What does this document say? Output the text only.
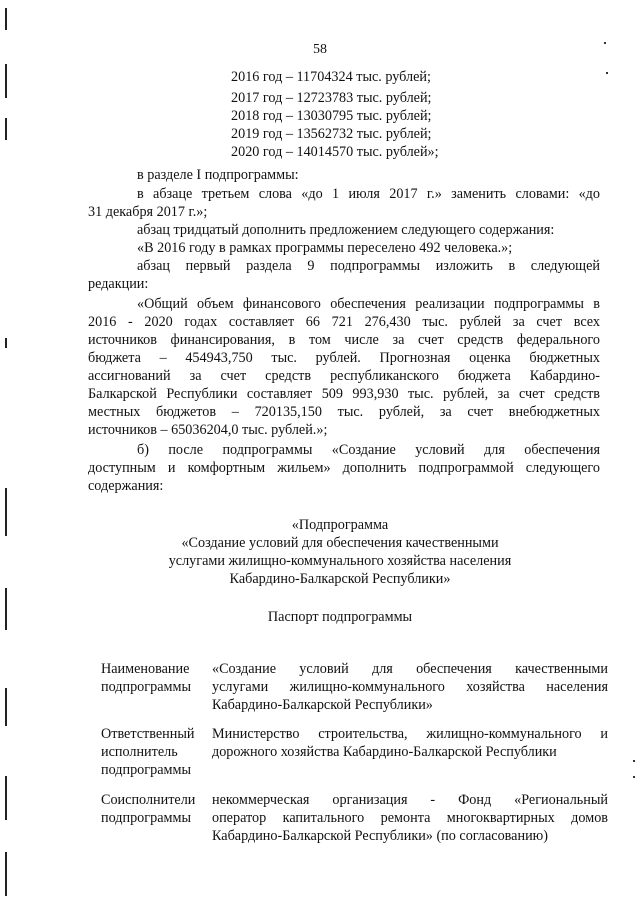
58
2016 год – 11704324 тыс. рублей;
2017 год – 12723783 тыс. рублей;
2018 год – 13030795 тыс. рублей;
2019 год – 13562732 тыс. рублей;
2020 год – 14014570 тыс. рублей»;
в разделе I подпрограммы:
в абзаце третьем слова «до 1 июля 2017 г.» заменить словами: «до
31 декабря 2017 г.»;
абзац тридцатый дополнить предложением следующего содержания:
«В 2016 году в рамках программы переселено 492 человека.»;
абзац первый раздела 9 подпрограммы изложить в следующей
редакции:
«Общий объем финансового обеспечения реализации подпрограммы в
2016 - 2020 годах составляет 66 721 276,430 тыс. рублей за счет всех
источников финансирования, в том числе за счет средств федерального
бюджета – 454943,750 тыс. рублей. Прогнозная оценка бюджетных
ассигнований за счет средств республиканского бюджета Кабардино-
Балкарской Республики составляет 509 993,930 тыс. рублей, за счет средств
местных бюджетов – 720135,150 тыс. рублей, за счет внебюджетных
источников – 65036204,0 тыс. рублей.»;
б) после подпрограммы «Создание условий для обеспечения
доступным и комфортным жильем» дополнить подпрограммой следующего
содержания:
«Подпрограмма
«Создание условий для обеспечения качественными
услугами жилищно-коммунального хозяйства населения
Кабардино-Балкарской Республики»
Паспорт подпрограммы
Наименование
подпрограммы
«Создание условий для обеспечения качественными
услугами жилищно-коммунального хозяйства населения
Кабардино-Балкарской Республики»
Ответственный
исполнитель
подпрограммы
Министерство строительства, жилищно-коммунального и
дорожного хозяйства Кабардино-Балкарской Республики
Соисполнители
подпрограммы
некоммерческая организация - Фонд «Региональный
оператор капитального ремонта многоквартирных домов
Кабардино-Балкарской Республики» (по согласованию)
